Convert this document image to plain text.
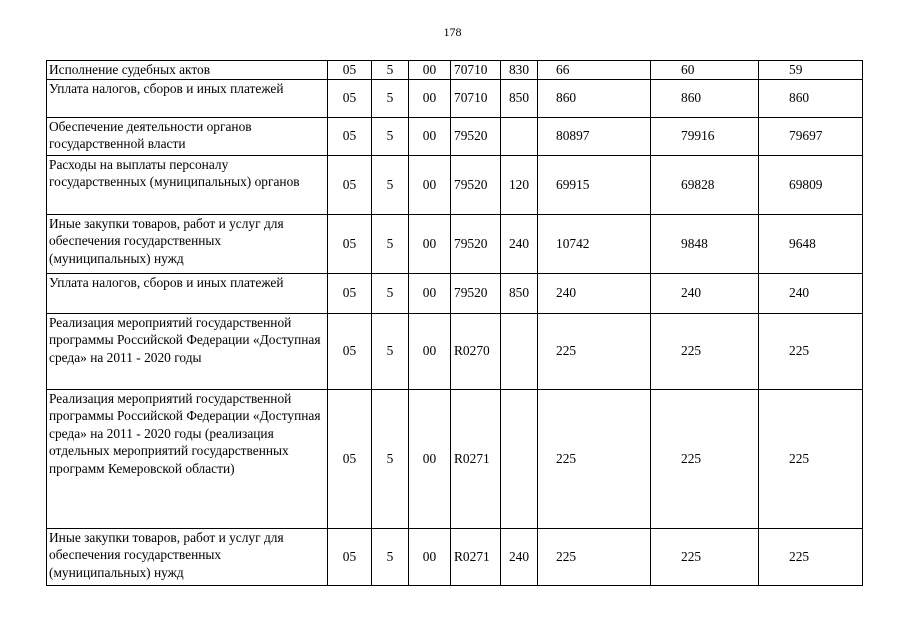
178
Исполнение судебных актов	05	5	00	70710	830	66	60	59
Уплата налогов, сборов и иных платежей	05	5	00	70710	850	860	860	860
Обеспечение деятельности органов государственной власти	05	5	00	79520		80897	79916	79697
Расходы на выплаты персоналу государственных (муниципальных) органов	05	5	00	79520	120	69915	69828	69809
Иные закупки товаров, работ и услуг для обеспечения государственных (муниципальных) нужд	05	5	00	79520	240	10742	9848	9648
Уплата налогов, сборов и иных платежей	05	5	00	79520	850	240	240	240
Реализация мероприятий государственной программы Российской Федерации «Доступная среда» на 2011 - 2020 годы	05	5	00	R0270		225	225	225
Реализация мероприятий государственной программы Российской Федерации «Доступная среда» на 2011 - 2020 годы (реализация отдельных мероприятий государственных программ Кемеровской области)	05	5	00	R0271		225	225	225
Иные закупки товаров, работ и услуг для обеспечения государственных (муниципальных) нужд	05	5	00	R0271	240	225	225	225
